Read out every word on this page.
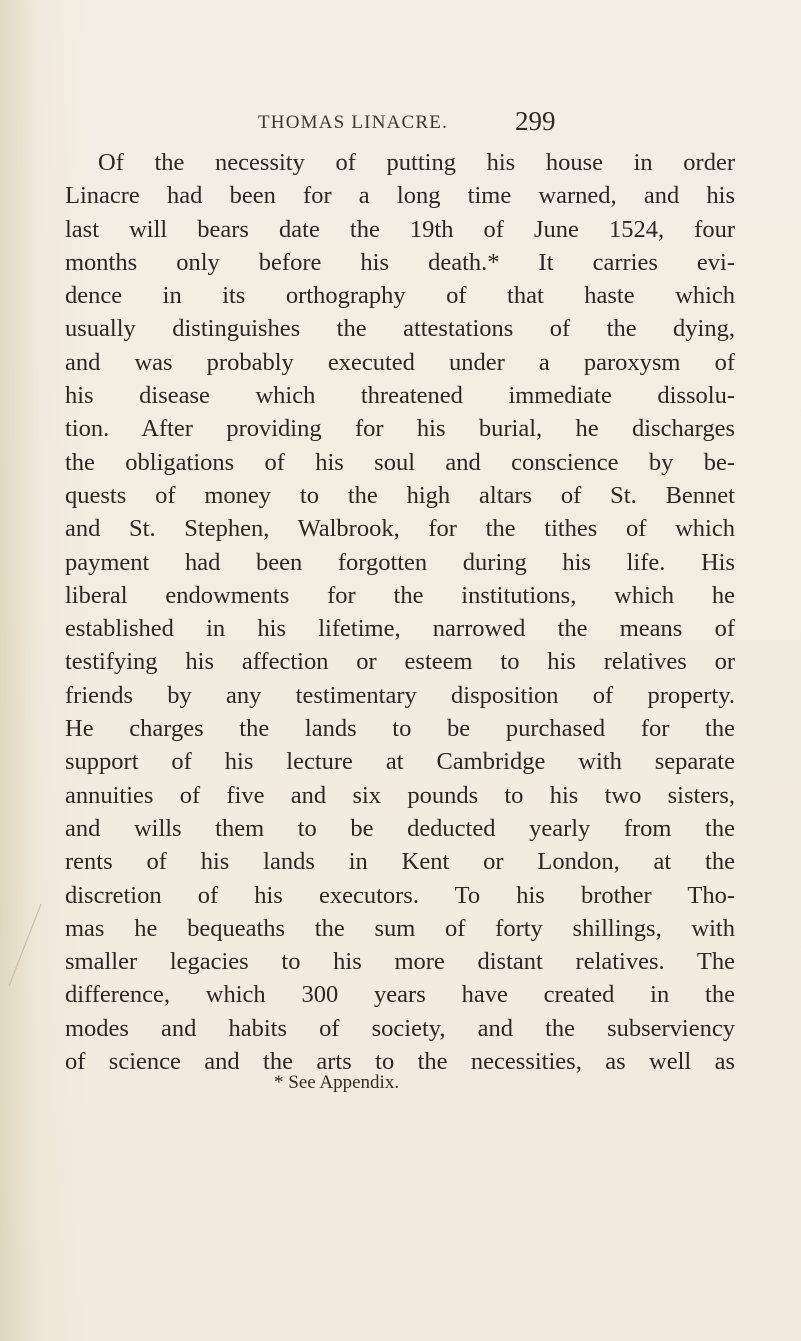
THOMAS LINACRE. 299
Of the necessity of putting his house in order
Linacre had been for a long time warned, and his
last will bears date the 19th of June 1524, four
months only before his death.* It carries evi-
dence in its orthography of that haste which
usually distinguishes the attestations of the dying,
and was probably executed under a paroxysm of
his disease which threatened immediate dissolu-
tion. After providing for his burial, he discharges
the obligations of his soul and conscience by be-
quests of money to the high altars of St. Bennet
and St. Stephen, Walbrook, for the tithes of which
payment had been forgotten during his life. His
liberal endowments for the institutions, which he
established in his lifetime, narrowed the means of
testifying his affection or esteem to his relatives or
friends by any testimentary disposition of property.
He charges the lands to be purchased for the
support of his lecture at Cambridge with separate
annuities of five and six pounds to his two sisters,
and wills them to be deducted yearly from the
rents of his lands in Kent or London, at the
discretion of his executors. To his brother Tho-
mas he bequeaths the sum of forty shillings, with
smaller legacies to his more distant relatives. The
difference, which 300 years have created in the
modes and habits of society, and the subserviency
of science and the arts to the necessities, as well as
* See Appendix.
